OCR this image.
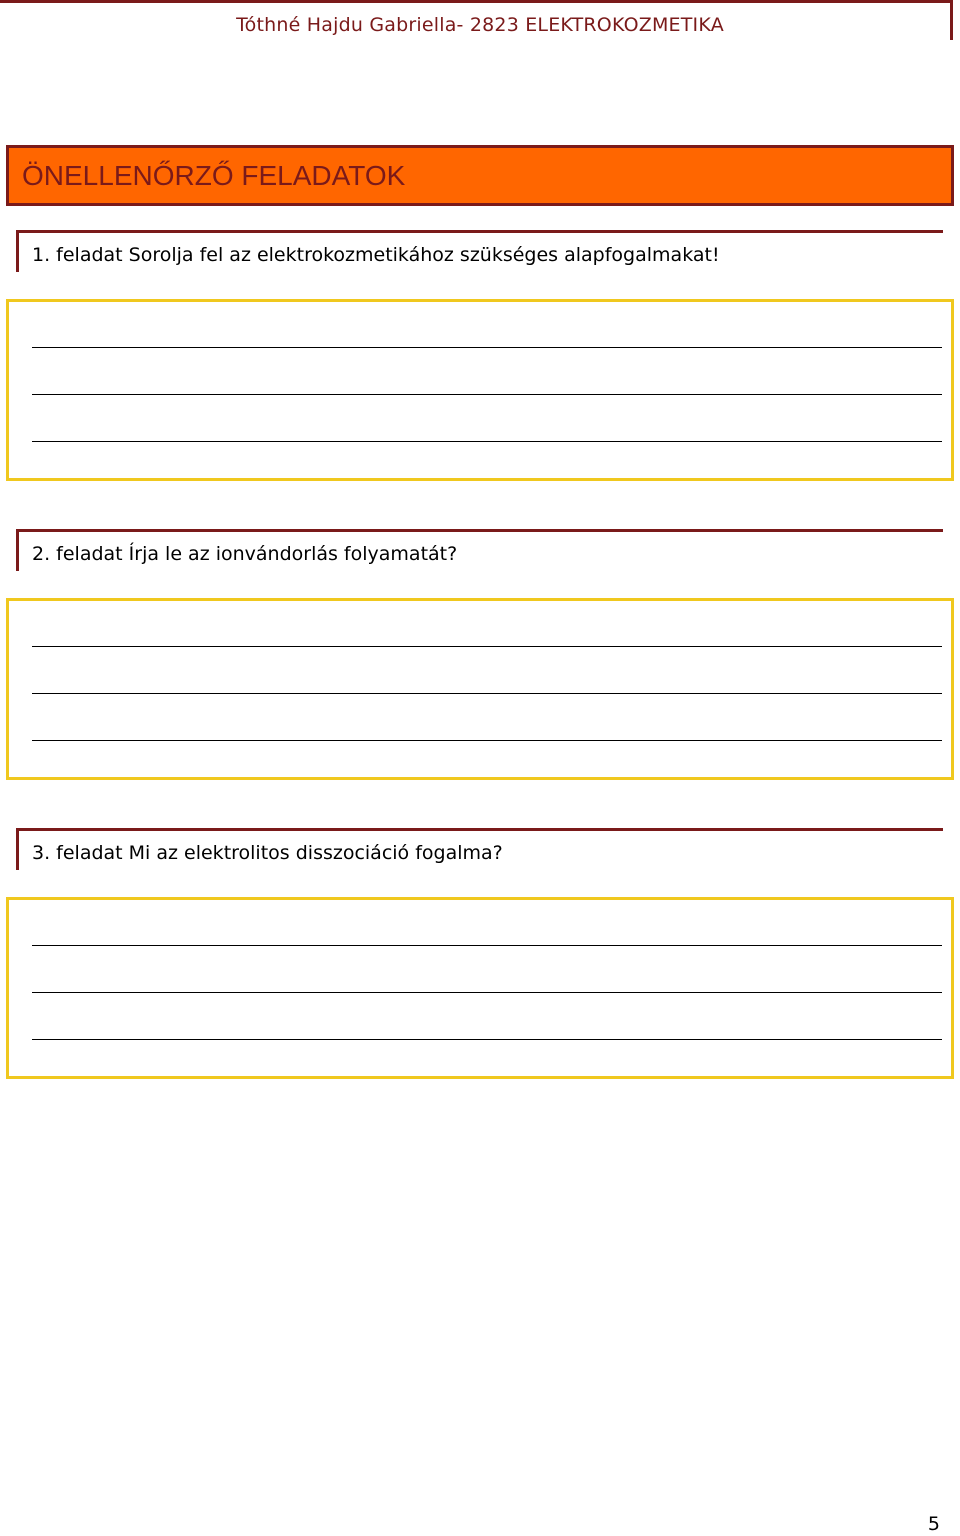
Tóthné Hajdu Gabriella- 2823 ELEKTROKOZMETIKA
ÖNELLENŐRZŐ FELADATOK
1. feladat Sorolja fel az elektrokozmetikához szükséges alapfogalmakat!
2. feladat Írja le az ionvándorlás folyamatát?
3. feladat Mi az elektrolitos disszociáció fogalma?
5
